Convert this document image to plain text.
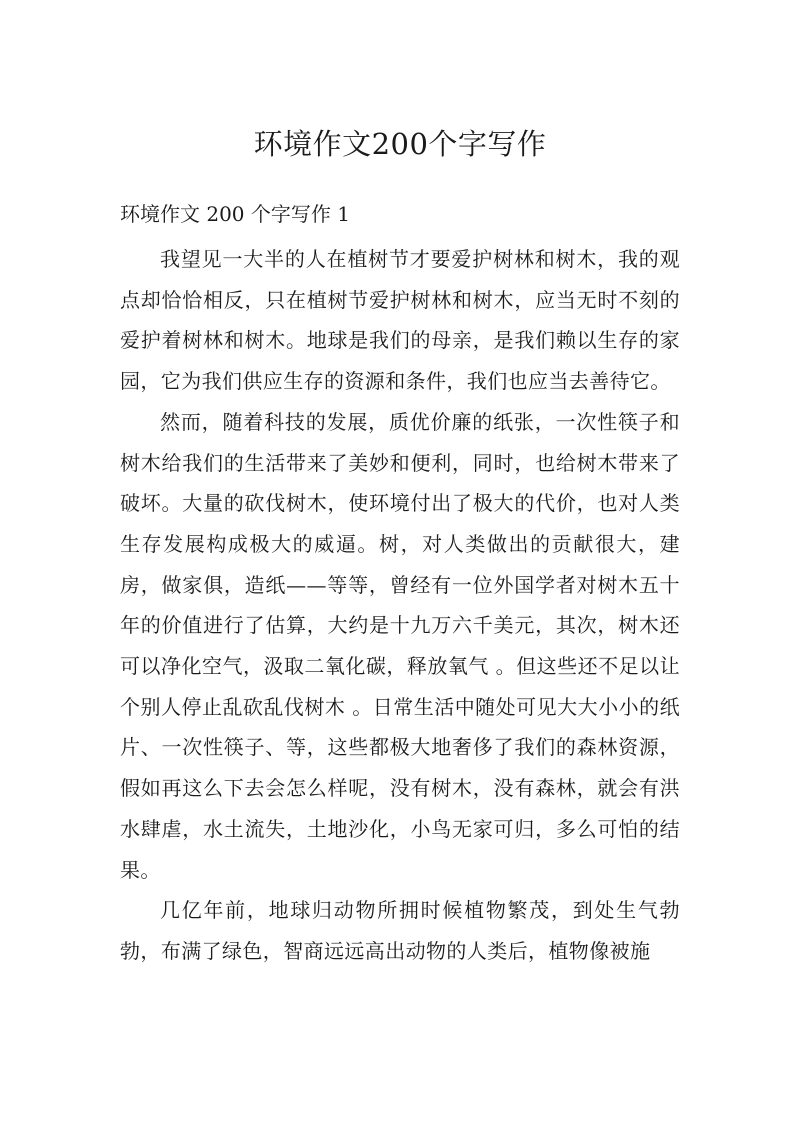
环境作文200个字写作
环境作文 200 个字写作 1

我望见一大半的人在植树节才要爱护树林和树木，我的观点却恰恰相反，只在植树节爱护树林和树木，应当无时不刻的爱护着树林和树木。地球是我们的母亲，是我们赖以生存的家园，它为我们供应生存的资源和条件，我们也应当去善待它。

然而，随着科技的发展，质优价廉的纸张，一次性筷子和树木给我们的生活带来了美妙和便利，同时，也给树木带来了破坏。大量的砍伐树木，使环境付出了极大的代价，也对人类生存发展构成极大的威逼。树，对人类做出的贡献很大，建房，做家俱，造纸——等等，曾经有一位外国学者对树木五十年的价值进行了估算，大约是十九万六千美元，其次，树木还可以净化空气，汲取二氧化碳，释放氧气 。但这些还不足以让个别人停止乱砍乱伐树木 。日常生活中随处可见大大小小的纸片、一次性筷子、等，这些都极大地奢侈了我们的森林资源，假如再这么下去会怎么样呢，没有树木，没有森林，就会有洪水肆虐，水土流失，土地沙化，小鸟无家可归，多么可怕的结果。

几亿年前，地球归动物所拥时候植物繁茂，到处生气勃勃，布满了绿色，智商远远高出动物的人类后，植物像被施
